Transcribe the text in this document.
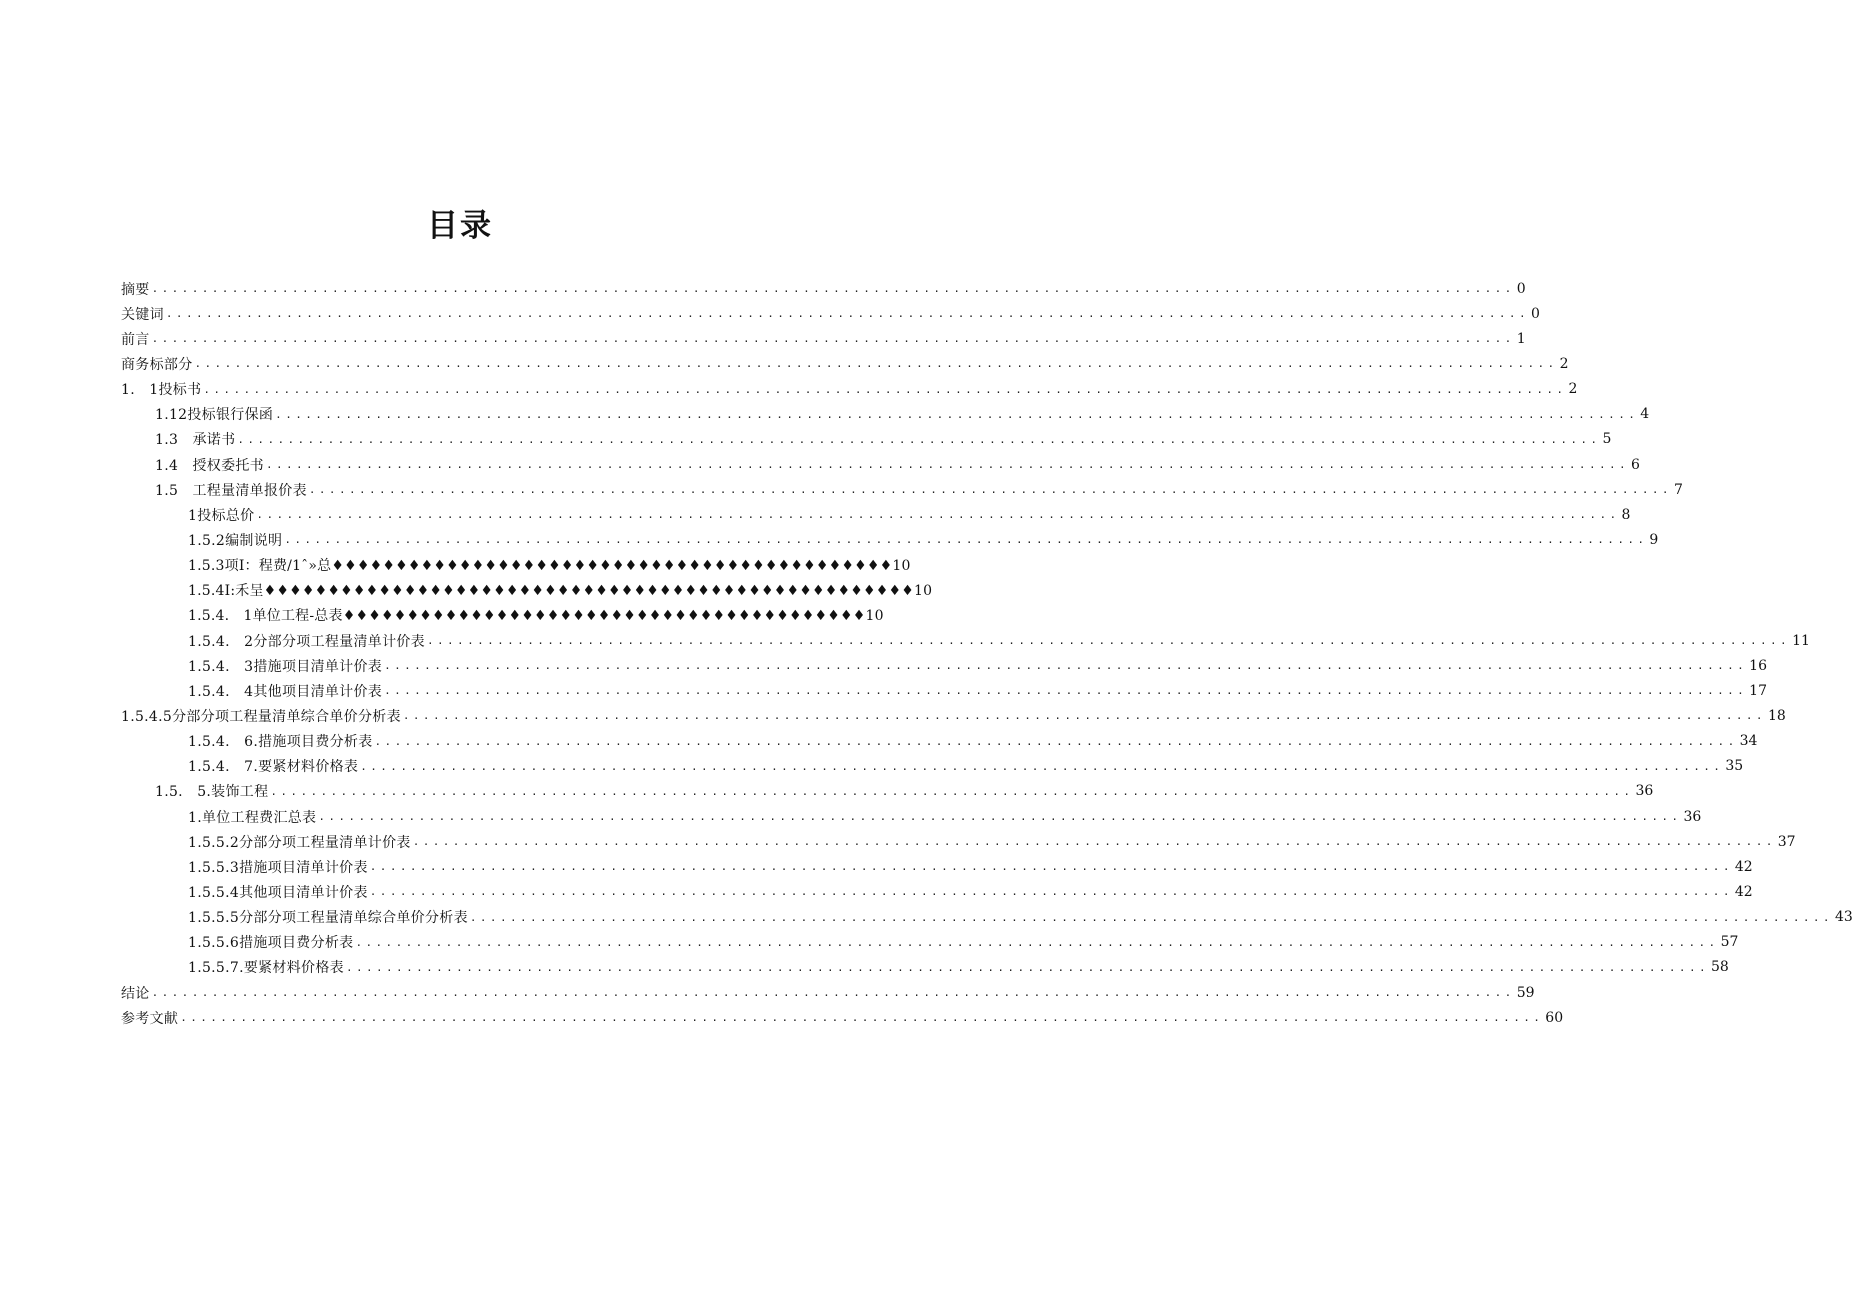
目录
摘要 .....	0
关键词 .....	0
前言 .....	1
商务标部分 .....	2
1.　1投标书 .....	2
1.12投标银行保函 .....	4
1.3　承诺书 .....	5
1.4　授权委托书 .....	6
1.5　工程量清单报价表 .....	7
1投标总价 .....	8
1.5.2编制说明 .....	9
1.5.3项I：程费/1ˆ»总♦♦♦♦♦♦♦♦♦♦♦♦♦♦♦♦♦♦♦♦♦♦♦♦♦♦♦♦♦♦♦♦♦♦♦♦♦♦♦♦♦♦♦♦10
1.5.4I:禾呈♦♦♦♦♦♦♦♦♦♦♦♦♦♦♦♦♦♦♦♦♦♦♦♦♦♦♦♦♦♦♦♦♦♦♦♦♦♦♦♦♦♦♦♦♦♦♦♦♦♦♦10
1.5.4.　1单位工程-总表♦♦♦♦♦♦♦♦♦♦♦♦♦♦♦♦♦♦♦♦♦♦♦♦♦♦♦♦♦♦♦♦♦♦♦♦♦♦♦♦♦10
1.5.4.　2分部分项工程量清单计价表 .....	11
1.5.4.　3措施项目清单计价表 .....	16
1.5.4.　4其他项目清单计价表 .....	17
1.5.4.5分部分项工程量清单综合单价分析表 .....	18
1.5.4.　6.措施项目费分析表 .....	34
1.5.4.　7.要紧材料价格表 .....	35
1.5.　5.装饰工程 .....	36
1.单位工程费汇总表 .....	36
1.5.5.2分部分项工程量清单计价表 .....	37
1.5.5.3措施项目清单计价表 .....	42
1.5.5.4其他项目清单计价表 .....	42
1.5.5.5分部分项工程量清单综合单价分析表 .....	43
1.5.5.6措施项目费分析表 .....	57
1.5.5.7.要紧材料价格表 .....	58
结论 .....	59
参考文献 .....	60
